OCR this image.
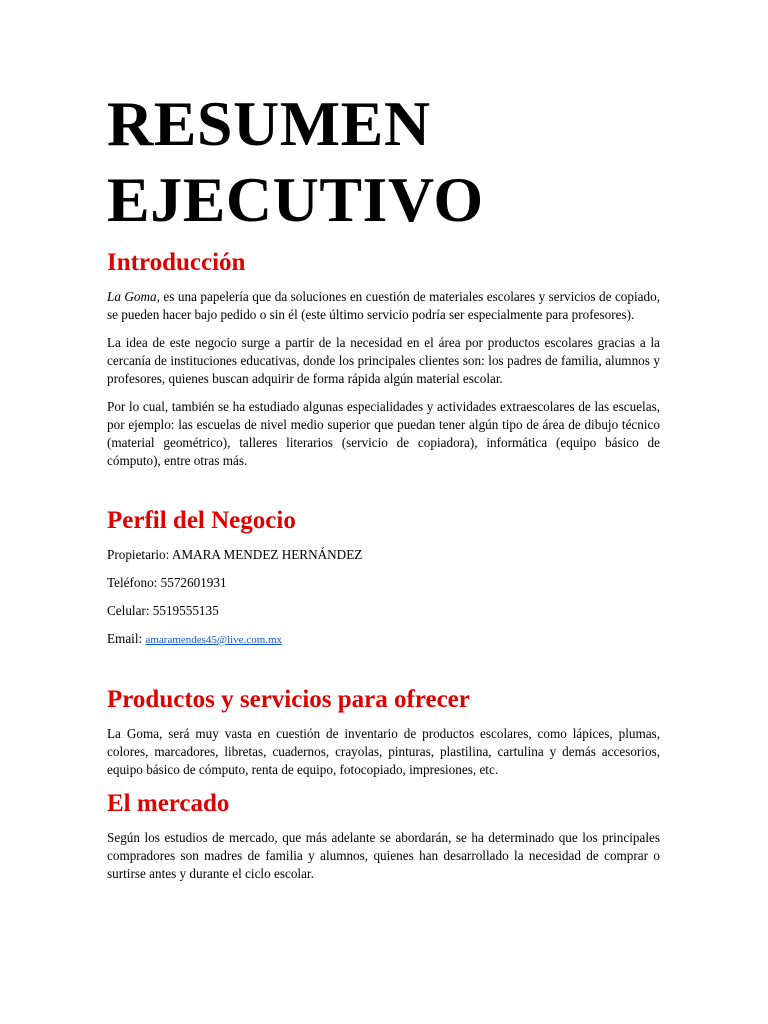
RESUMEN
EJECUTIVO
Introducción

La Goma, es una papelería que da soluciones en cuestión de materiales escolares y servicios de copiado, se pueden hacer bajo pedido o sin él (este último servicio podría ser especialmente para profesores).

La idea de este negocio surge a partir de la necesidad en el área por productos escolares gracias a la cercanía de instituciones educativas, donde los principales clientes son: los padres de familia, alumnos y profesores, quienes buscan adquirir de forma rápida algún material escolar.

Por lo cual, también se ha estudiado algunas especialidades y actividades extraescolares de las escuelas, por ejemplo: las escuelas de nivel medio superior que puedan tener algún tipo de área de dibujo técnico (material geométrico), talleres literarios (servicio de copiadora), informática (equipo básico de cómputo), entre otras más.

Perfil del Negocio

Propietario: AMARA MENDEZ HERNÁNDEZ

Teléfono: 5572601931

Celular: 5519555135

Email: amaramendes45@live.com.mx

Productos y servicios para ofrecer

La Goma, será muy vasta en cuestión de inventario de productos escolares, como lápices, plumas, colores, marcadores, libretas, cuadernos, crayolas, pinturas, plastilina, cartulina y demás accesorios, equipo básico de cómputo, renta de equipo, fotocopiado, impresiones, etc.

El mercado

Según los estudios de mercado, que más adelante se abordarán, se ha determinado que los principales compradores son madres de familia y alumnos, quienes han desarrollado la necesidad de comprar o surtirse antes y durante el ciclo escolar.
